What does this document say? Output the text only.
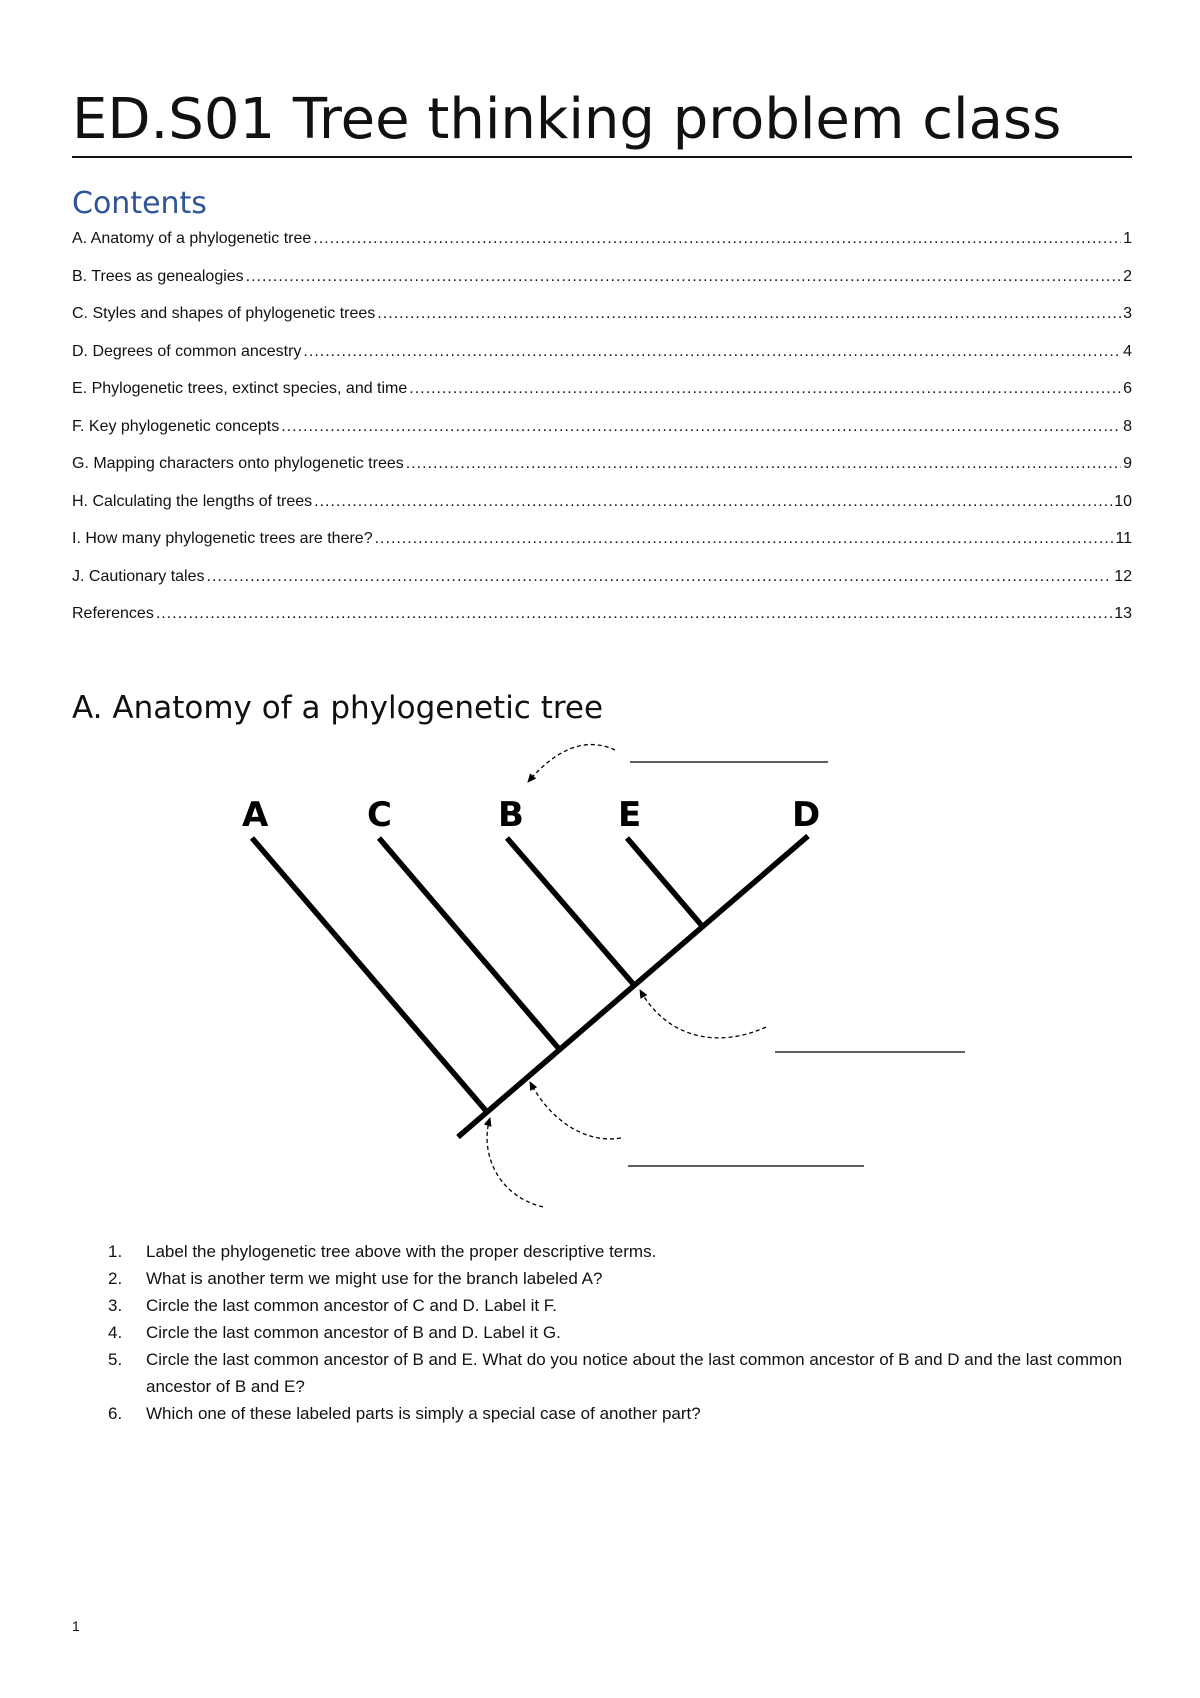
ED.S01 Tree thinking problem class
Contents
A. Anatomy of a phylogenetic tree .....	1
B. Trees as genealogies .....	2
C. Styles and shapes of phylogenetic trees .....	3
D. Degrees of common ancestry .....	4
E. Phylogenetic trees, extinct species, and time .....	6
F. Key phylogenetic concepts .....	8
G. Mapping characters onto phylogenetic trees .....	9
H. Calculating the lengths of trees .....	10
I. How many phylogenetic trees are there? .....	11
J. Cautionary tales .....	12
References .....	13
A. Anatomy of a phylogenetic tree
A	C	B	E	D
1.	Label the phylogenetic tree above with the proper descriptive terms.
2.	What is another term we might use for the branch labeled A?
3.	Circle the last common ancestor of C and D. Label it F.
4.	Circle the last common ancestor of B and D. Label it G.
5.	Circle the last common ancestor of B and E. What do you notice about the last common ancestor of B and D and the last common ancestor of B and E?
6.	Which one of these labeled parts is simply a special case of another part?
1
